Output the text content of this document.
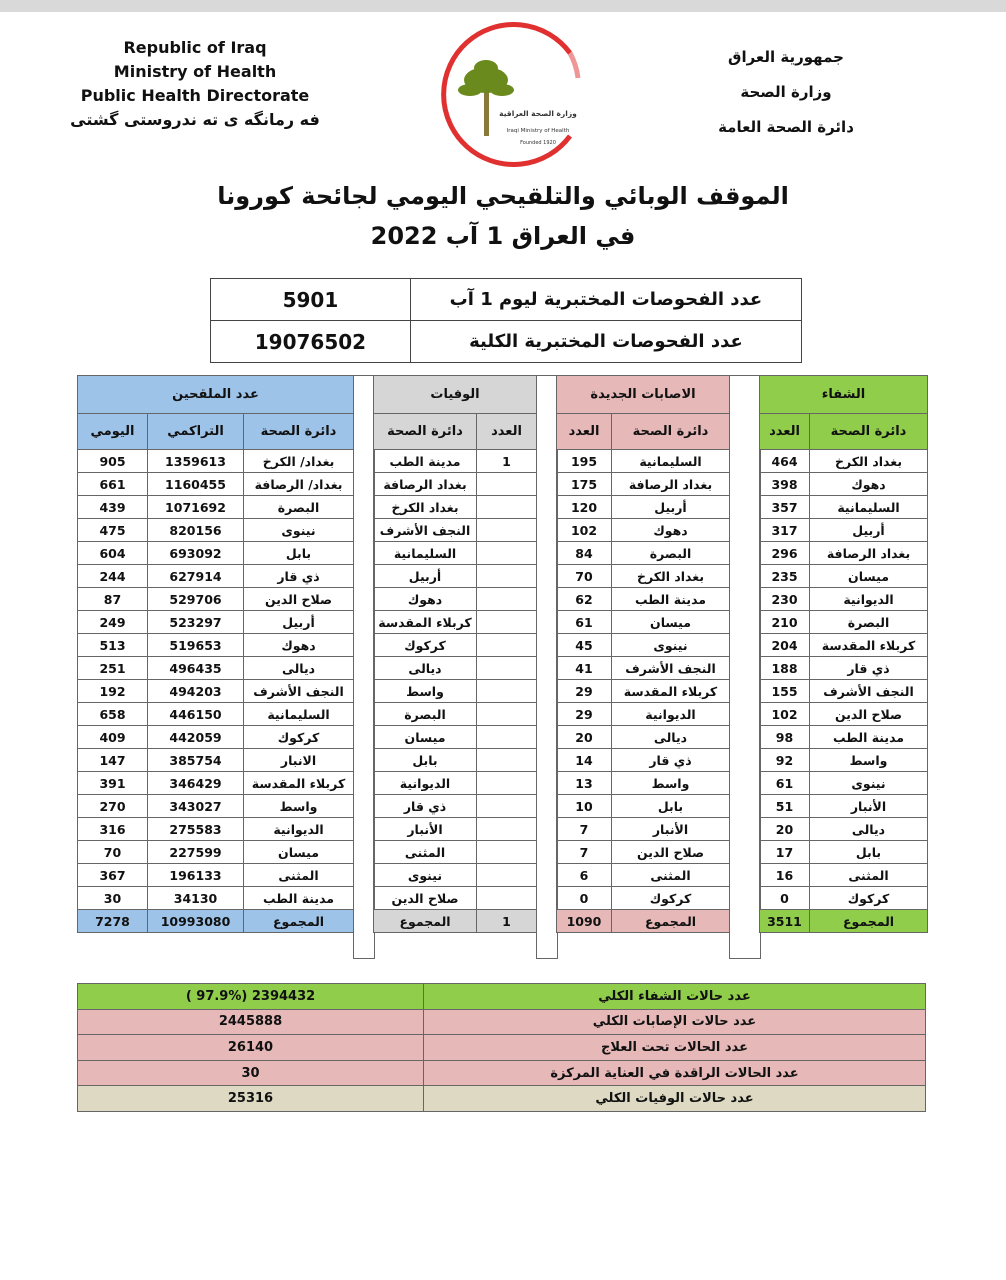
Republic of Iraq
Ministry of Health
Public Health Directorate
فه رمانگه ى ته ندروستى گشتى	وزارة الصحة العراقية
Iraqi Ministry of Health
Founded 1920
جمهورية العراق
وزارة الصحة
دائرة الصحة العامة
الموقف الوبائي والتلقيحي اليومي لجائحة كورونا
في العراق 1 آب 2022
5901	عدد الفحوصات المختبرية ليوم 1 آب
19076502	عدد الفحوصات المختبرية الكلية
عدد الملقحين		
اليومي	التراكمي	دائرة الصحة
905	1359613	بغداد/ الكرخ
661	1160455	بغداد/ الرصافة
439	1071692	البصرة
475	820156	نينوى
604	693092	بابل
244	627914	ذي قار
87	529706	صلاح الدين
249	523297	أربيل
513	519653	دهوك
251	496435	ديالى
192	494203	النجف الأشرف
658	446150	السليمانية
409	442059	كركوك
147	385754	الانبار
391	346429	كربلاء المقدسة
270	343027	واسط
316	275583	الديوانية
70	227599	ميسان
367	196133	المثنى
30	34130	مدينة الطب
7278	10993080	المجموع
الوفيات	
دائرة الصحة	العدد
مدينة الطب	1
بغداد الرصافة	
بغداد الكرخ	
النجف الأشرف	
السليمانية	
أربيل	
دهوك	
كربلاء المقدسة	
كركوك	
ديالى	
واسط	
البصرة	
ميسان	
بابل	
الديوانية	
ذي قار	
الأنبار	
المثنى	
نينوى	
صلاح الدين	
المجموع	1
الاصابات الجديدة	
العدد	دائرة الصحة
195	السليمانية
175	بغداد الرصافة
120	أربيل
102	دهوك
84	البصرة
70	بغداد الكرخ
62	مدينة الطب
61	ميسان
45	نينوى
41	النجف الأشرف
29	كربلاء المقدسة
29	الديوانية
20	ديالى
14	ذي قار
13	واسط
10	بابل
7	الأنبار
7	صلاح الدين
6	المثنى
0	كركوك
1090	المجموع
الشفاء	
العدد	دائرة الصحة
464	بغداد الكرخ
398	دهوك
357	السليمانية
317	أربيل
296	بغداد الرصافة
235	ميسان
230	الديوانية
210	البصرة
204	كربلاء المقدسة
188	ذي قار
155	النجف الأشرف
102	صلاح الدين
98	مدينة الطب
92	واسط
61	نينوى
51	الأنبار
20	ديالى
17	بابل
16	المثنى
0	كركوك
3511	المجموع
( 97.9%) 2394432	عدد حالات الشفاء الكلي
2445888	عدد حالات الإصابات الكلي
26140	عدد الحالات تحت العلاج
30	عدد الحالات الراقدة في العناية المركزة
25316	عدد حالات الوفيات الكلي
